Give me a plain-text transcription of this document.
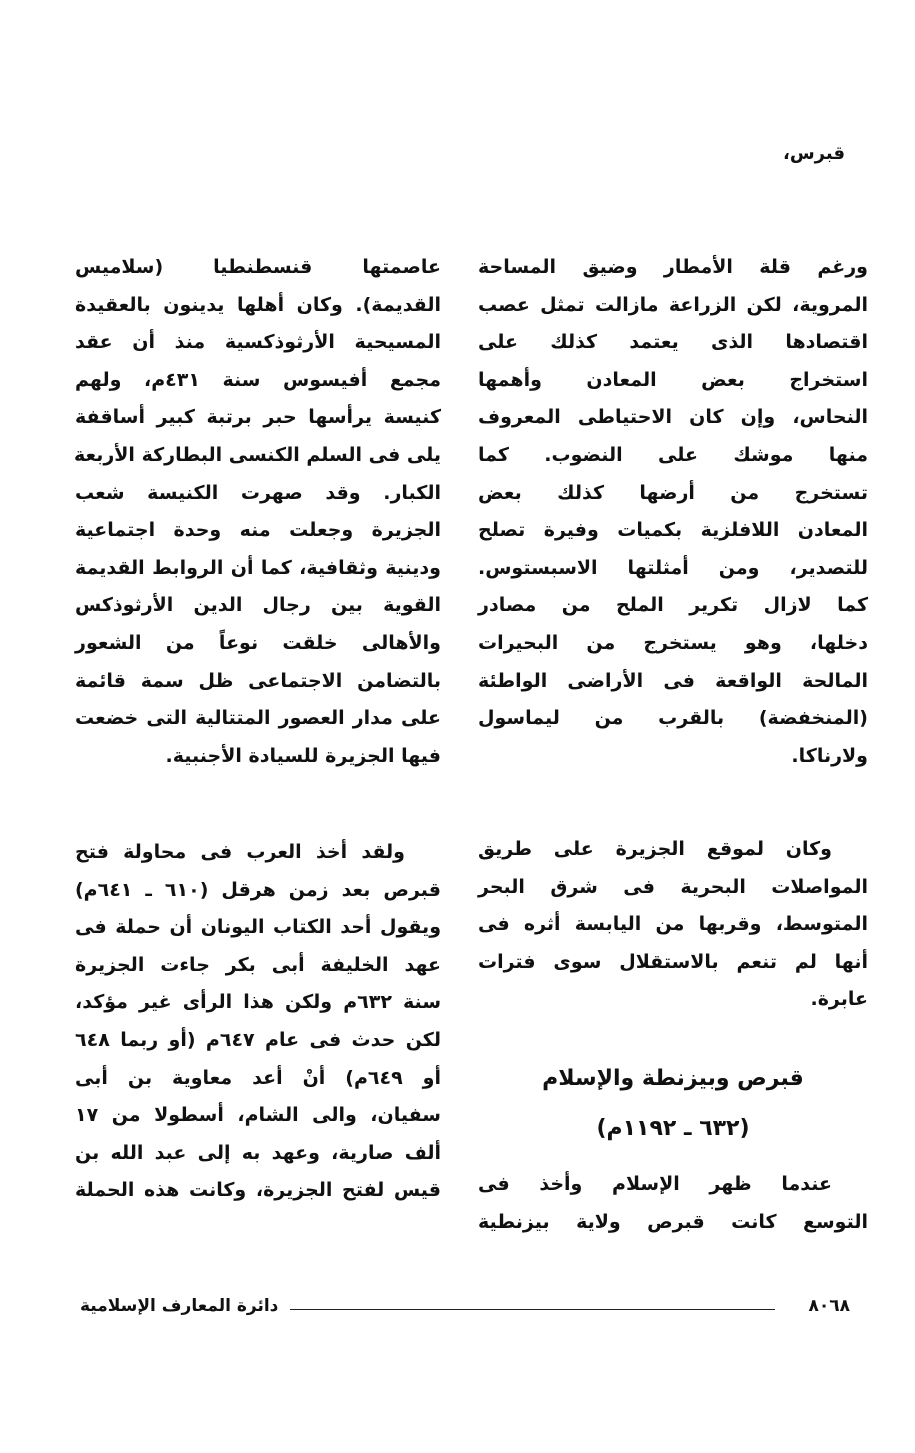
قبرس،
ورغم قلة الأمطار وضيق المساحة
المروية، لكن الزراعة مازالت تمثل عصب
اقتصادها الذى يعتمد كذلك على
استخراج بعض المعادن وأهمها
النحاس، وإن كان الاحتياطى المعروف
منها موشك على النضوب. كما
تستخرج من أرضها كذلك بعض
المعادن اللافلزية بكميات وفيرة تصلح
للتصدير، ومن أمثلتها الاسبستوس.
كما لازال تكرير الملح من مصادر
دخلها، وهو يستخرج من البحيرات
المالحة الواقعة فى الأراضى الواطئة
(المنخفضة) بالقرب من ليماسول
ولارناكا.
وكان لموقع الجزيرة على طريق
المواصلات البحرية فى شرق البحر
المتوسط، وقربها من اليابسة أثره فى
أنها لم تنعم بالاستقلال سوى فترات
عابرة.
قبرص وبيزنطة والإسلام
(٦٣٢ ـ ١١٩٢م)
عندما ظهر الإسلام وأخذ فى
التوسع كانت قبرص ولاية بيزنطية
عاصمتها قنسطنطيا (سلاميس
القديمة). وكان أهلها يدينون بالعقيدة
المسيحية الأرثوذكسية منذ أن عقد
مجمع أفيسوس سنة ٤٣١م، ولهم
كنيسة يرأسها حبر برتبة كبير أساقفة
يلى فى السلم الكنسى البطاركة الأربعة
الكبار. وقد صهرت الكنيسة شعب
الجزيرة وجعلت منه وحدة اجتماعية
ودينية وثقافية، كما أن الروابط القديمة
القوية بين رجال الدين الأرثوذكس
والأهالى خلقت نوعاً من الشعور
بالتضامن الاجتماعى ظل سمة قائمة
على مدار العصور المتتالية التى خضعت
فيها الجزيرة للسيادة الأجنبية.
ولقد أخذ العرب فى محاولة فتح
قبرص بعد زمن هرقل (٦١٠ ـ ٦٤١م)
ويقول أحد الكتاب اليونان أن حملة فى
عهد الخليفة أبى بكر جاءت الجزيرة
سنة ٦٣٢م ولكن هذا الرأى غير مؤكد،
لكن حدث فى عام ٦٤٧م (أو ربما ٦٤٨
أو ٦٤٩م) أنْ أعد معاوية بن أبى
سفيان، والى الشام، أسطولا من ١٧
ألف صارية، وعهد به إلى عبد الله بن
قيس لفتح الجزيرة، وكانت هذه الحملة
٨٠٦٨
دائرة المعارف الإسلامية
